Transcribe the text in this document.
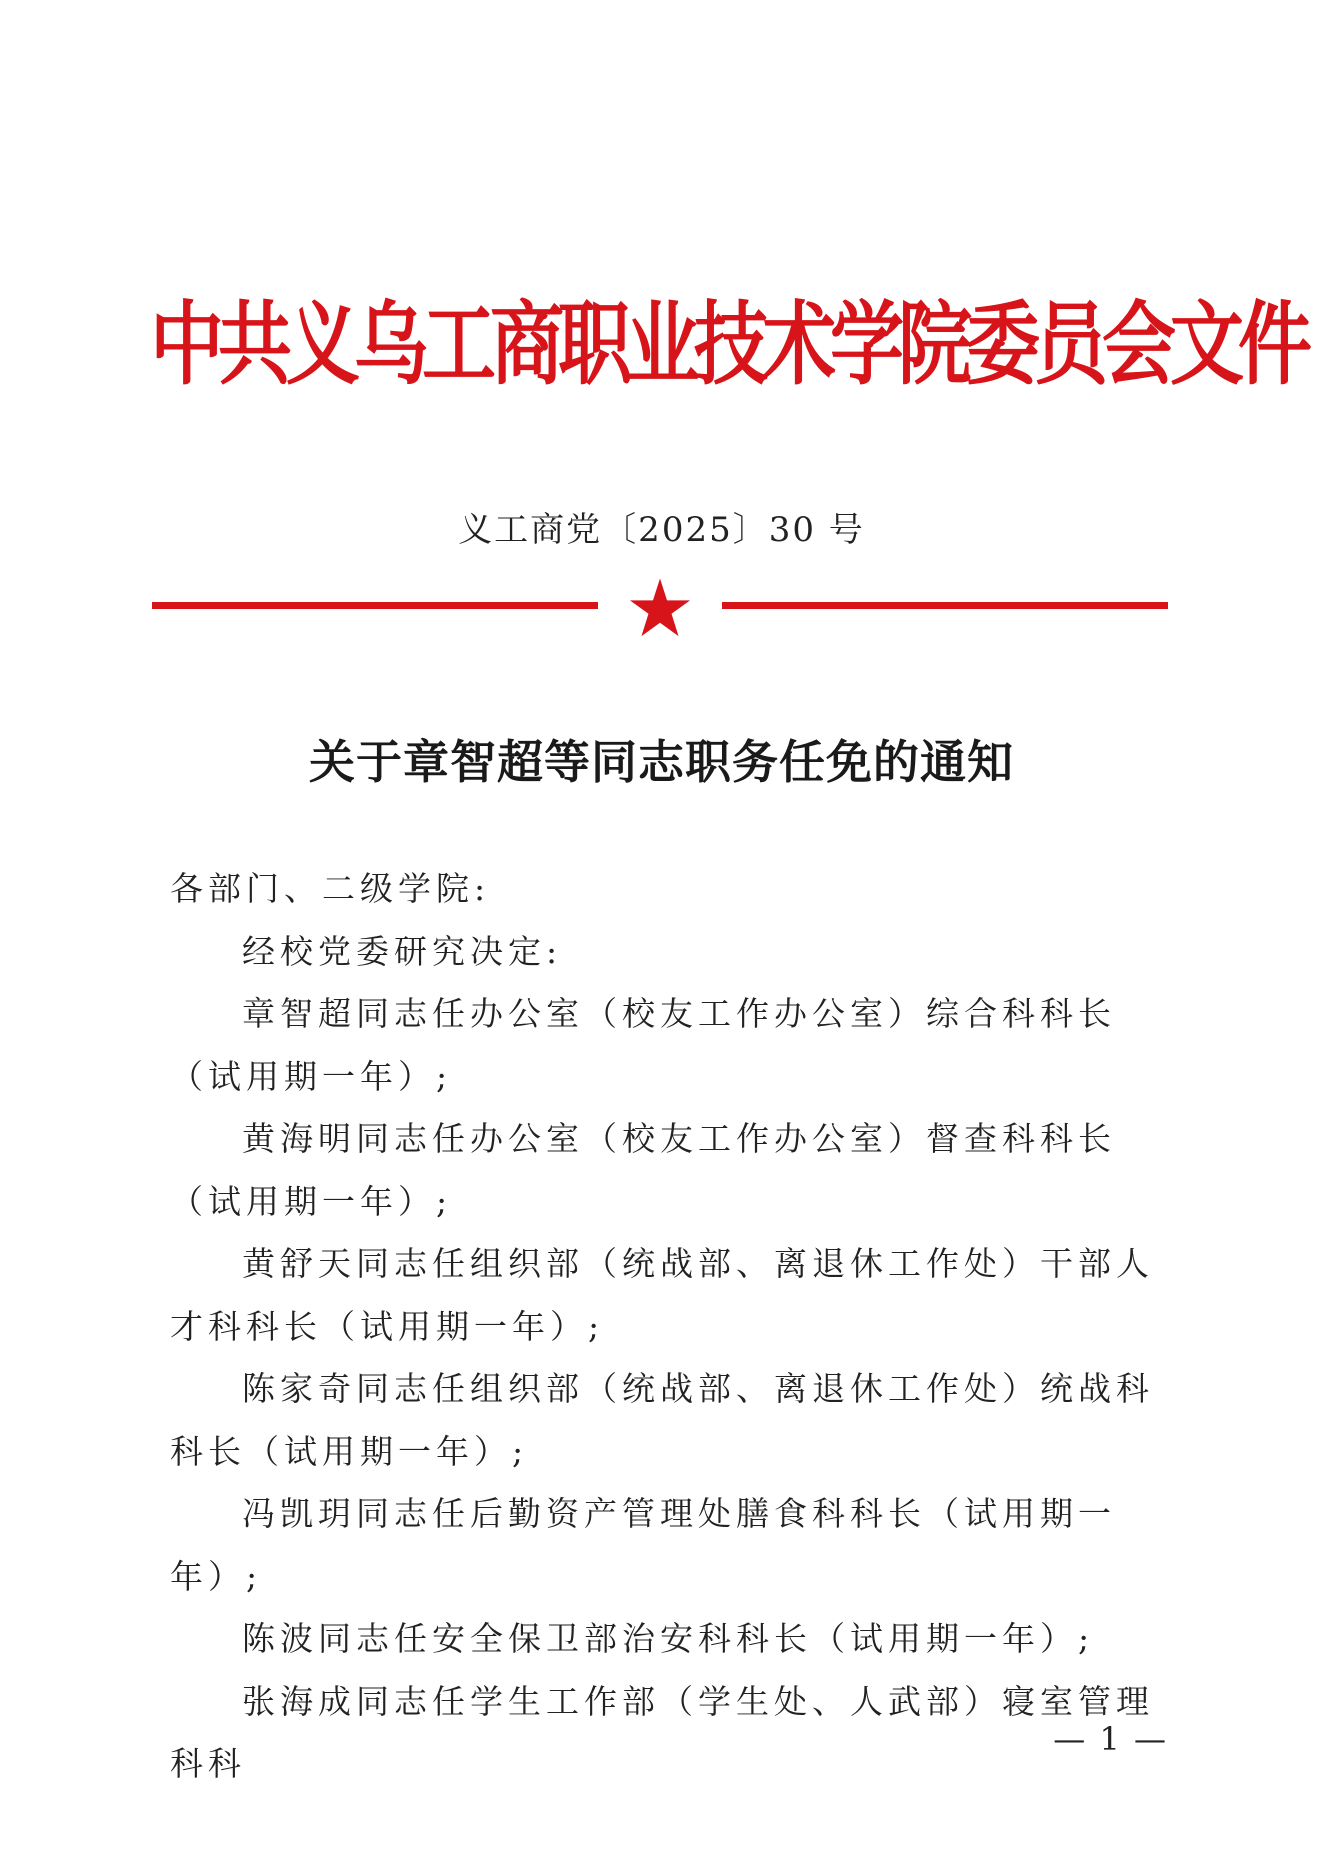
中共义乌工商职业技术学院委员会文件
义工商党〔2025〕30 号
关于章智超等同志职务任免的通知

各部门、二级学院:

经校党委研究决定:

章智超同志任办公室（校友工作办公室）综合科科长（试用期一年）;

黄海明同志任办公室（校友工作办公室）督查科科长（试用期一年）;

黄舒天同志任组织部（统战部、离退休工作处）干部人才科科长（试用期一年）;

陈家奇同志任组织部（统战部、离退休工作处）统战科科长（试用期一年）;

冯凯玥同志任后勤资产管理处膳食科科长（试用期一年）;

陈波同志任安全保卫部治安科科长（试用期一年）;

张海成同志任学生工作部（学生处、人武部）寝室管理科科

— 1 —
